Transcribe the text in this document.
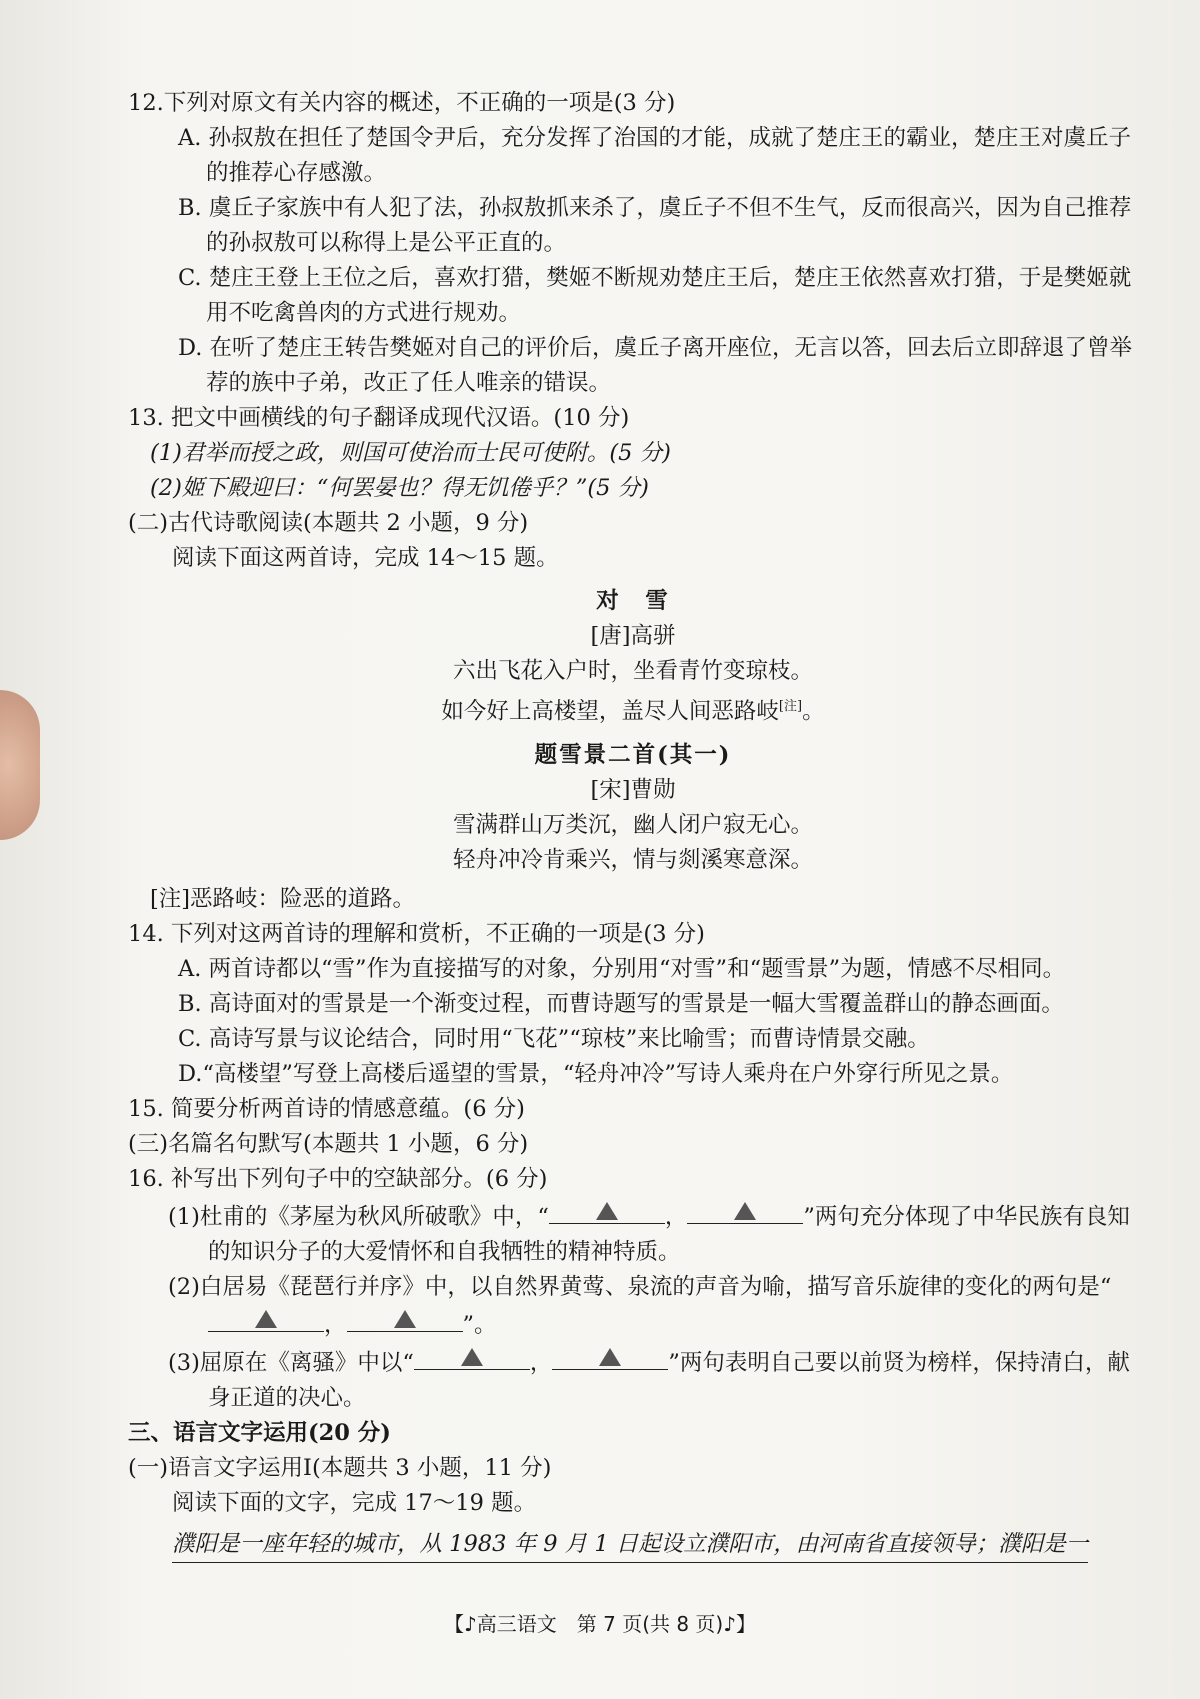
12.下列对原文有关内容的概述，不正确的一项是(3 分)

A. 孙叔敖在担任了楚国令尹后，充分发挥了治国的才能，成就了楚庄王的霸业，楚庄王对虞丘子的推荐心存感激。

B. 虞丘子家族中有人犯了法，孙叔敖抓来杀了，虞丘子不但不生气，反而很高兴，因为自己推荐的孙叔敖可以称得上是公平正直的。

C. 楚庄王登上王位之后，喜欢打猎，樊姬不断规劝楚庄王后，楚庄王依然喜欢打猎，于是樊姬就用不吃禽兽肉的方式进行规劝。

D. 在听了楚庄王转告樊姬对自己的评价后，虞丘子离开座位，无言以答，回去后立即辞退了曾举荐的族中子弟，改正了任人唯亲的错误。

13. 把文中画横线的句子翻译成现代汉语。(10 分)

(1)君举而授之政，则国可使治而士民可使附。(5 分)

(2)姬下殿迎曰：“何罢晏也？得无饥倦乎？”(5 分)

(二)古代诗歌阅读(本题共 2 小题，9 分)

阅读下面这两首诗，完成 14～15 题。

对　雪

[唐]高骈

六出飞花入户时，坐看青竹变琼枝。

如今好上高楼望，盖尽人间恶路岐[注]。

题雪景二首(其一)

[宋]曹勋

雪满群山万类沉，幽人闭户寂无心。

轻舟冲冷肯乘兴，情与剡溪寒意深。

[注]恶路岐：险恶的道路。

14. 下列对这两首诗的理解和赏析，不正确的一项是(3 分)

A. 两首诗都以“雪”作为直接描写的对象，分别用“对雪”和“题雪景”为题，情感不尽相同。

B. 高诗面对的雪景是一个渐变过程，而曹诗题写的雪景是一幅大雪覆盖群山的静态画面。

C. 高诗写景与议论结合，同时用“飞花”“琼枝”来比喻雪；而曹诗情景交融。

D.“高楼望”写登上高楼后遥望的雪景，“轻舟冲冷”写诗人乘舟在户外穿行所见之景。

15. 简要分析两首诗的情感意蕴。(6 分)

(三)名篇名句默写(本题共 1 小题，6 分)

16. 补写出下列句子中的空缺部分。(6 分)

(1)杜甫的《茅屋为秋风所破歌》中，“	，	”两句充分体现了中华民族有良知的知识分子的大爱情怀和自我牺牲的精神特质。

(2)白居易《琵琶行并序》中，以自然界黄莺、泉流的声音为喻，描写音乐旋律的变化的两句是“
，	”。

(3)屈原在《离骚》中以“	，	”两句表明自己要以前贤为榜样，保持清白，献身正道的决心。

三、语言文字运用(20 分)

(一)语言文字运用Ⅰ(本题共 3 小题，11 分)

阅读下面的文字，完成 17～19 题。

濮阳是一座年轻的城市，从 1983 年 9 月 1 日起设立濮阳市，由河南省直接领导；濮阳是一
【♪高三语文　第 7 页(共 8 页)♪】
